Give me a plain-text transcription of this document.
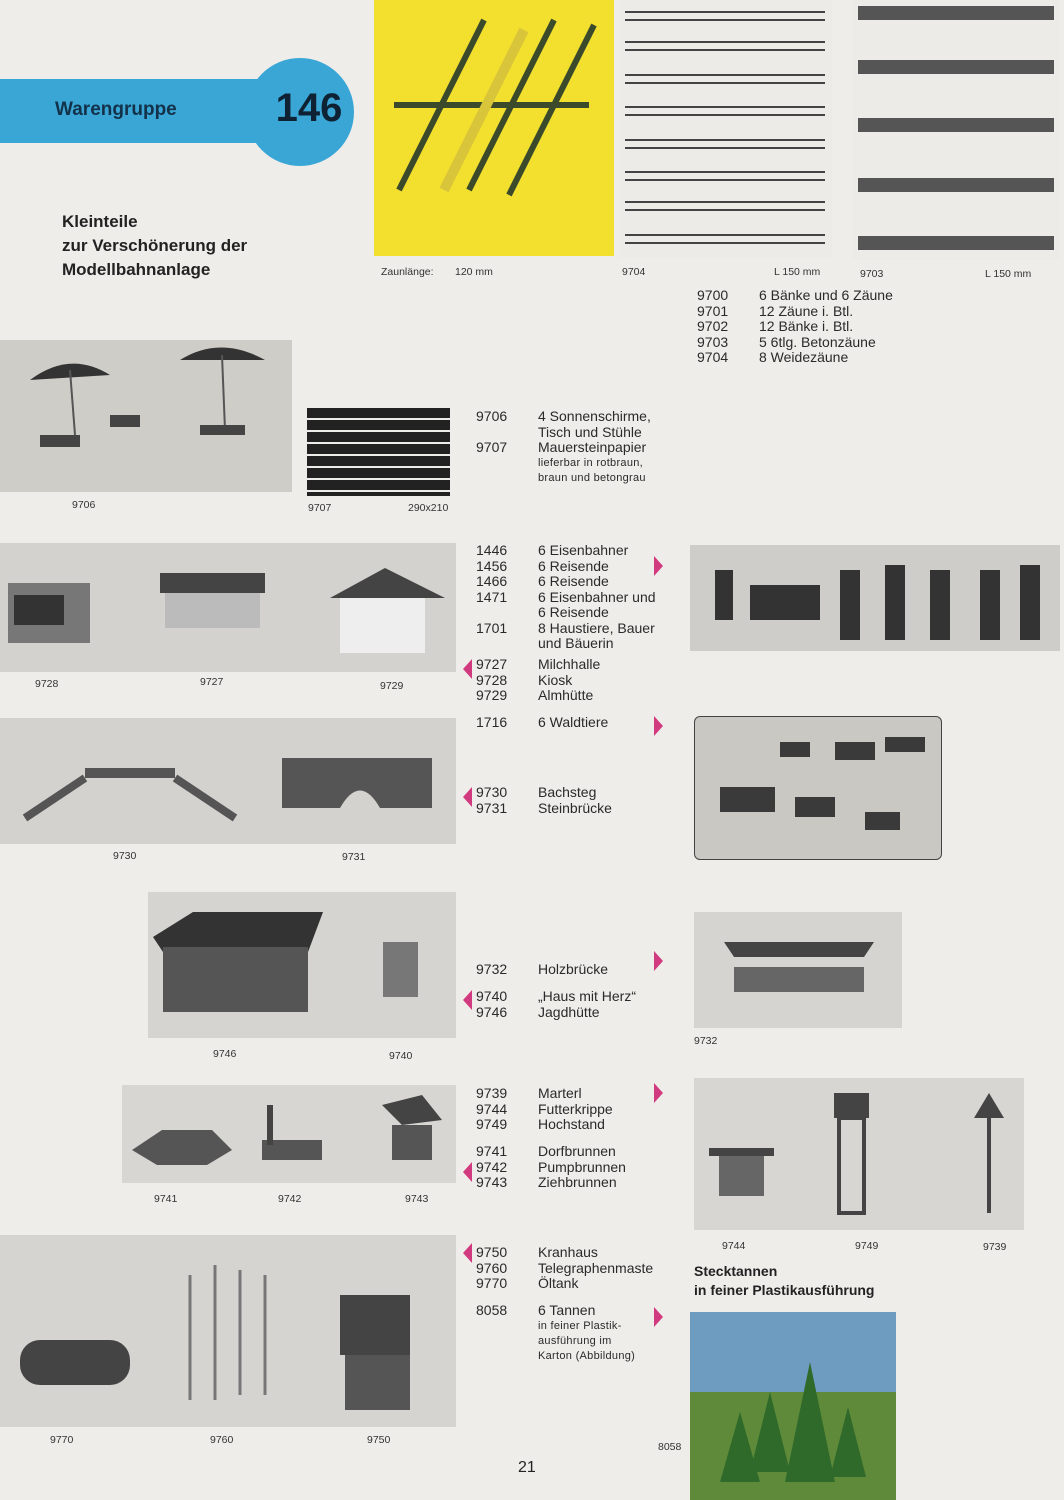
Warengruppe	146
Kleinteile
zur Verschönerung der
Modellbahnanlage	Zaunlänge: 120 mm	9704	L 150 mm	9703	L 150 mm
9700	6 Bänke und 6 Zäune
9701	12 Zäune i. Btl.
9702	12 Bänke i. Btl.
9703	5 6tlg. Betonzäune
9704	8 Weidezäune
9706	9707	290x210
9706	4 Sonnenschirme,
Tisch und Stühle
9707	Mauersteinpapier
lieferbar in rotbraun,
braun und betongrau
9728	9727	9729
1446	6 Eisenbahner
1456	6 Reisende
1466	6 Reisende
1471	6 Eisenbahner und
6 Reisende
1701	8 Haustiere, Bauer
und Bäuerin
9727	Milchhalle
9728	Kiosk
9729	Almhütte
9730	9731
1716	6 Waldtiere
9730	Bachsteg
9731	Steinbrücke
9746	9740
9732	Holzbrücke
9740	„Haus mit Herz“
9746	Jagdhütte
9732
9741	9742	9743
9739	Marterl
9744	Futterkrippe
9749	Hochstand
9741	Dorfbrunnen
9742	Pumpbrunnen
9743	Ziehbrunnen
9744	9749	9739
9770	9760	9750
9750	Kranhaus
9760	Telegraphenmaste
9770	Öltank
8058	6 Tannen
in feiner Plastik-
ausführung im
Karton (Abbildung)
Stecktannen
in feiner Plastikausführung
8058
21
